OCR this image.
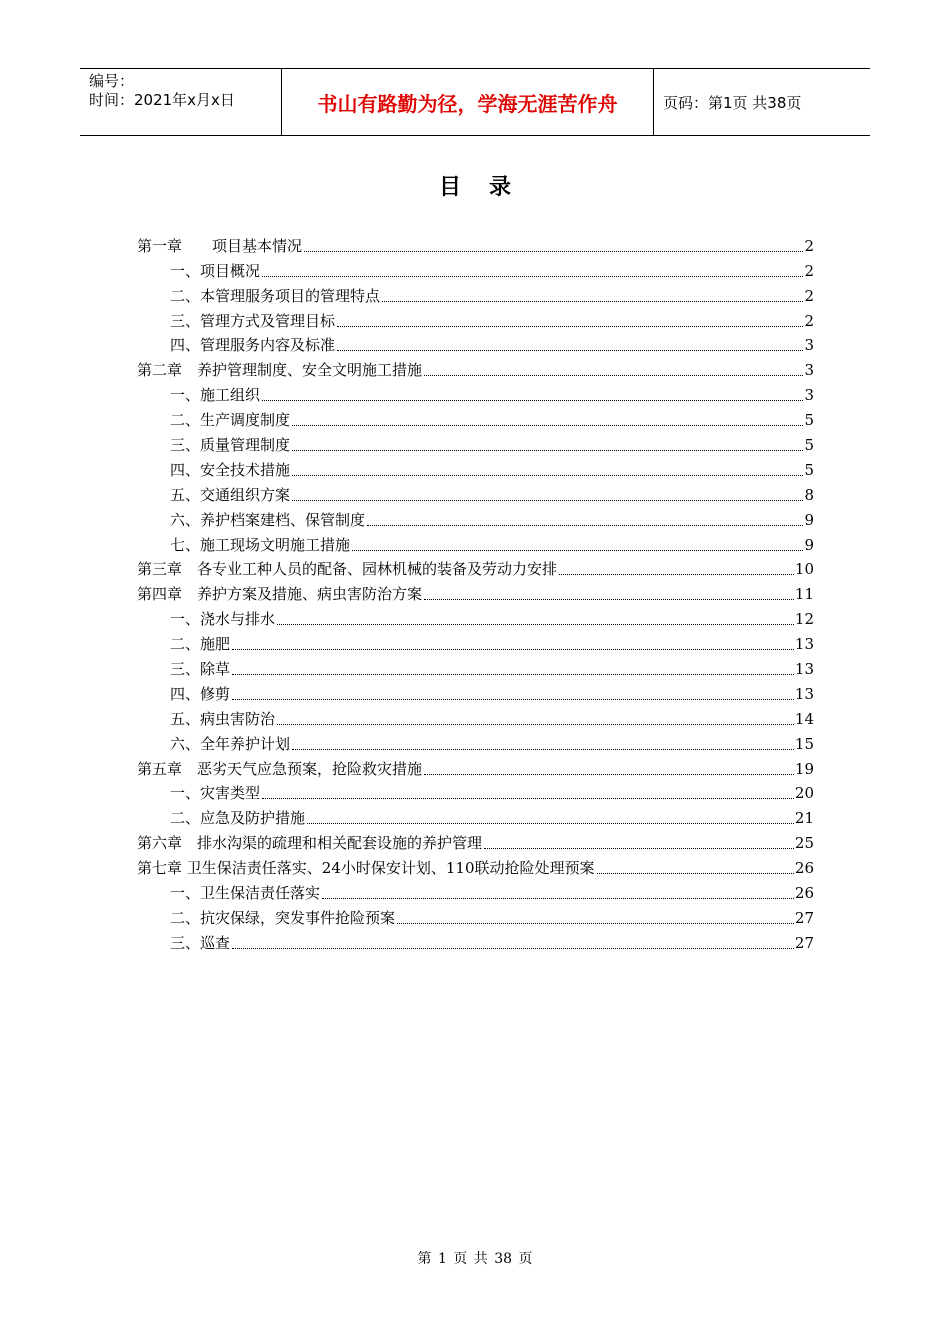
编号：
时间：2021年x月x日	书山有路勤为径，学海无涯苦作舟	页码：第1页 共38页
目录
第一章　　项目基本情况	2
一、项目概况	2
二、本管理服务项目的管理特点	2
三、管理方式及管理目标	2
四、管理服务内容及标准	3
第二章　养护管理制度、安全文明施工措施	3
一、施工组织	3
二、生产调度制度	5
三、质量管理制度	5
四、安全技术措施	5
五、交通组织方案	8
六、养护档案建档、保管制度	9
七、施工现场文明施工措施	9
第三章　各专业工种人员的配备、园林机械的装备及劳动力安排	10
第四章　养护方案及措施、病虫害防治方案	11
一、浇水与排水	12
二、施肥	13
三、除草	13
四、修剪	13
五、病虫害防治	14
六、全年养护计划	15
第五章　恶劣天气应急预案，抢险救灾措施	19
一、灾害类型	20
二、应急及防护措施	21
第六章　排水沟渠的疏理和相关配套设施的养护管理	25
第七章 卫生保洁责任落实、24小时保安计划、110联动抢险处理预案	26
一、卫生保洁责任落实	26
二、抗灾保绿，突发事件抢险预案	27
三、巡查	27
第 1 页 共 38 页
